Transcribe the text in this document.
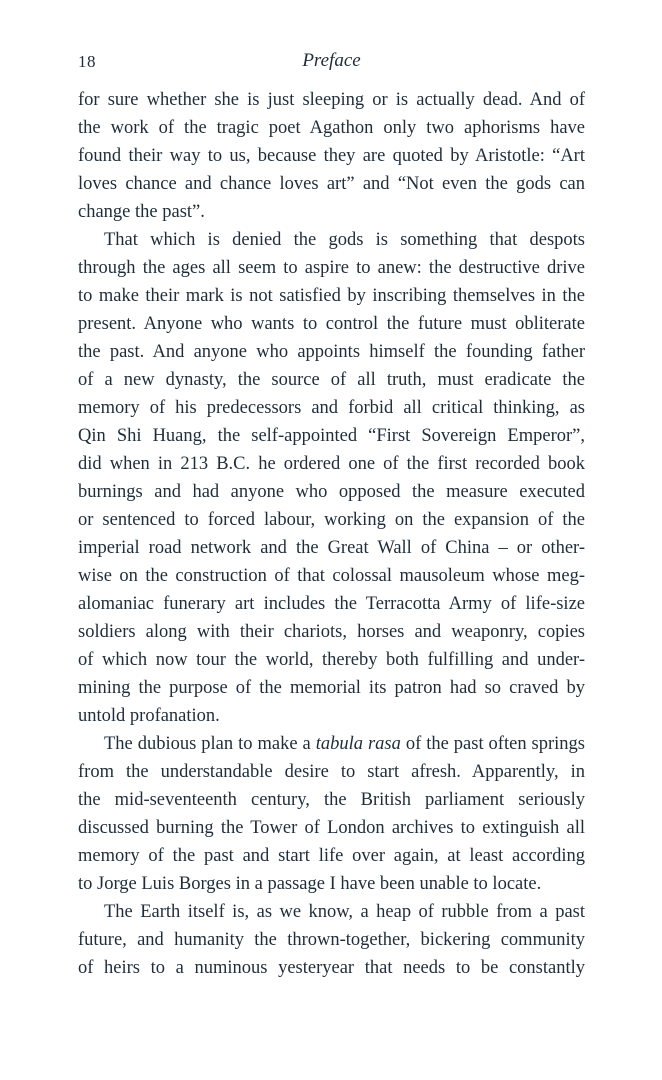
18	Preface
for sure whether she is just sleeping or is actually dead. And of
the work of the tragic poet Agathon only two aphorisms have
found their way to us, because they are quoted by Aristotle: “Art
loves chance and chance loves art” and “Not even the gods can
change the past”.
That which is denied the gods is something that despots
through the ages all seem to aspire to anew: the destructive drive
to make their mark is not satisfied by inscribing themselves in the
present. Anyone who wants to control the future must obliterate
the past. And anyone who appoints himself the founding father
of a new dynasty, the source of all truth, must eradicate the
memory of his predecessors and forbid all critical thinking, as
Qin Shi Huang, the self-appointed “First Sovereign Emperor”,
did when in 213 B.C. he ordered one of the first recorded book
burnings and had anyone who opposed the measure executed
or sentenced to forced labour, working on the expansion of the
imperial road network and the Great Wall of China – or other-
wise on the construction of that colossal mausoleum whose meg-
alomaniac funerary art includes the Terracotta Army of life-size
soldiers along with their chariots, horses and weaponry, copies
of which now tour the world, thereby both fulfilling and under-
mining the purpose of the memorial its patron had so craved by
untold profanation.
The dubious plan to make a tabula rasa of the past often springs
from the understandable desire to start afresh. Apparently, in
the mid-seventeenth century, the British parliament seriously
discussed burning the Tower of London archives to extinguish all
memory of the past and start life over again, at least according
to Jorge Luis Borges in a passage I have been unable to locate.
The Earth itself is, as we know, a heap of rubble from a past
future, and humanity the thrown-together, bickering community
of heirs to a numinous yesteryear that needs to be constantly
